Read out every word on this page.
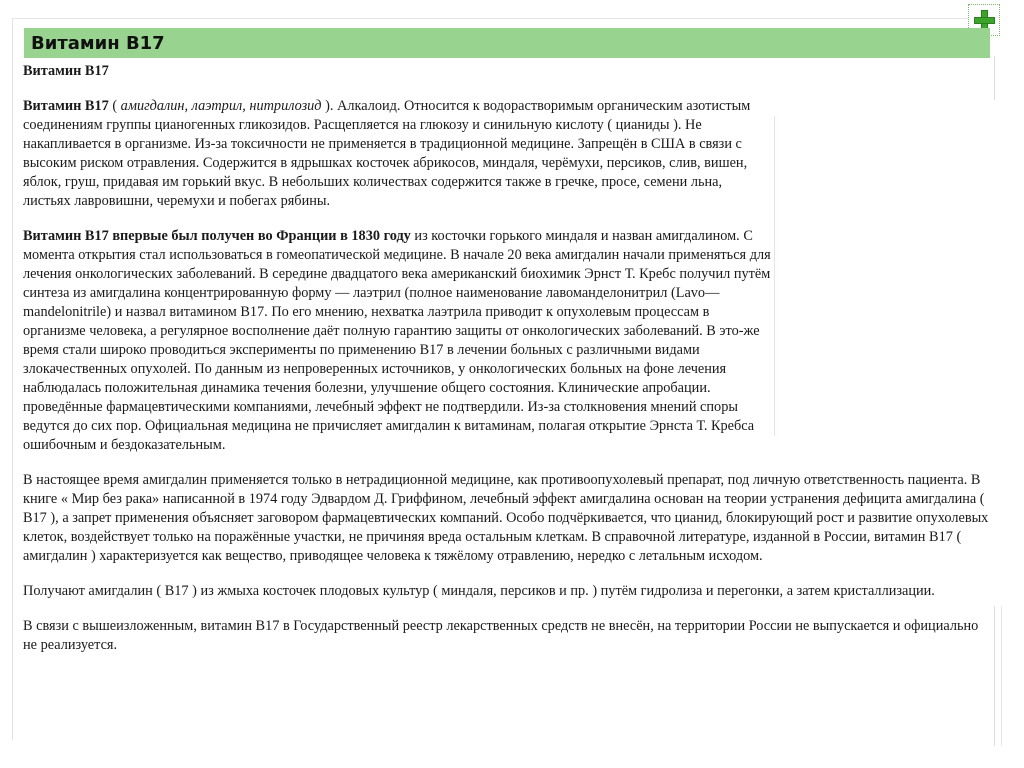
Витамин B17

Витамин B17

Витамин B17 ( амигдалин, лаэтрил, нитрилозид ). Алкалоид. Относится к водорастворимым органическим азотистым соединениям группы цианогенных гликозидов. Расщепляется на глюкозу и синильную кислоту ( цианиды ). Не накапливается в организме. Из-за токсичности не применяется в традиционной медицине. Запрещён в США в связи с высоким риском отравления. Содержится в ядрышках косточек абрикосов, миндаля, черёмухи, персиков, слив, вишен, яблок, груш, придавая им горький вкус. В небольших количествах содержится также в гречке, просе, семени льна, листьях лавровишни, черемухи и побегах рябины.

Витамин B17 впервые был получен во Франции в 1830 году из косточки горького миндаля и назван амигдалином. С момента открытия стал использоваться в гомеопатической медицине. В начале 20 века амигдалин начали применяться для лечения онкологических заболеваний. В середине двадцатого века американский биохимик Эрнст Т. Кребс получил путём синтеза из амигдалина концентрированную форму — лаэтрил (полное наименование лавоманделонитрил (Lavo— mandelonitrile) и назвал витамином B17. По его мнению, нехватка лаэтрила приводит к опухолевым процессам в организме человека, а регулярное восполнение даёт полную гарантию защиты от онкологических заболеваний. В это-же время стали широко проводиться эксперименты по применению B17 в лечении больных с различными видами злокачественных опухолей. По данным из непроверенных источников, у онкологических больных на фоне лечения наблюдалась положительная динамика течения болезни, улучшение общего состояния. Клинические апробации. проведённые фармацевтическими компаниями, лечебный эффект не подтвердили. Из-за столкновения мнений споры ведутся до сих пор. Официальная медицина не причисляет амигдалин к витаминам, полагая открытие Эрнста Т. Кребса ошибочным и бездоказательным.

В настоящее время амигдалин применяется только в нетрадиционной медицине, как противоопухолевый препарат, под личную ответственность пациента. В книге « Мир без рака» написанной в 1974 году Эдвардом Д. Гриффином, лечебный эффект амигдалина основан на теории устранения дефицита амигдалина ( B17 ), а запрет применения объясняет заговором фармацевтических компаний. Особо подчёркивается, что цианид, блокирующий рост и развитие опухолевых клеток, воздействует только на поражённые участки, не причиняя вреда остальным клеткам. В справочной литературе, изданной в России, витамин B17 ( амигдалин ) характеризуется как вещество, приводящее человека к тяжёлому отравлению, нередко с летальным исходом.

Получают амигдалин ( B17 ) из жмыха косточек плодовых культур ( миндаля, персиков и пр. ) путём гидролиза и перегонки, а затем кристаллизации.

В связи с вышеизложенным, витамин B17 в Государственный реестр лекарственных средств не внесён, на территории России не выпускается и официально не реализуется.
